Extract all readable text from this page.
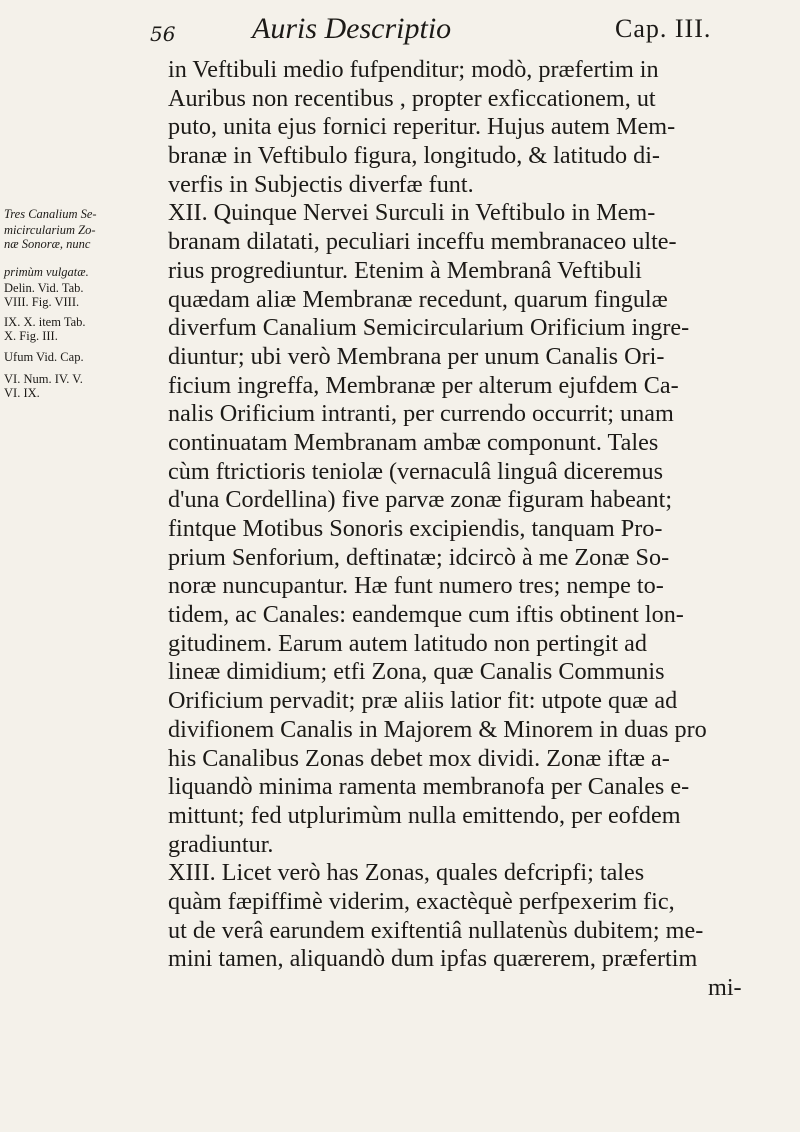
56	Auris Descriptio	Cap. III.
in Veftibuli medio fufpenditur; modò, præfertim in
Auribus non recentibus , propter exficcationem, ut
puto, unita ejus fornici reperitur. Hujus autem Mem-
branæ in Veftibulo figura, longitudo, & latitudo di-
verfis in Subjectis diverfæ funt.
XII. Quinque Nervei Surculi in Veftibulo in Mem-
branam dilatati, peculiari inceffu membranaceo ulte-
rius progrediuntur. Etenim à Membranâ Veftibuli
quædam aliæ Membranæ recedunt, quarum fingulæ
diverfum Canalium Semicircularium Orificium ingre-
diuntur; ubi verò Membrana per unum Canalis Ori-
ficium ingreffa, Membranæ per alterum ejufdem Ca-
nalis Orificium intranti, per currendo occurrit; unam
continuatam Membranam ambæ componunt. Tales
cùm ftrictioris teniolæ (vernaculâ linguâ diceremus
d'una Cordellina) five parvæ zonæ figuram habeant;
fintque Motibus Sonoris excipiendis, tanquam Pro-
prium Senforium, deftinatæ; idcircò à me Zonæ So-
noræ nuncupantur. Hæ funt numero tres; nempe to-
tidem, ac Canales: eandemque cum iftis obtinent lon-
gitudinem. Earum autem latitudo non pertingit ad
lineæ dimidium; etfi Zona, quæ Canalis Communis
Orificium pervadit; præ aliis latior fit: utpote quæ ad
divifionem Canalis in Majorem & Minorem in duas pro
his Canalibus Zonas debet mox dividi. Zonæ iftæ a-
liquandò minima ramenta membranofa per Canales e-
mittunt; fed utplurimùm nulla emittendo, per eofdem
gradiuntur.
XIII. Licet verò has Zonas, quales defcripfi; tales
quàm fæpiffimè viderim, exactèquè perfpexerim fic,
ut de verâ earundem exiftentiâ nullatenùs dubitem; me-
mini tamen, aliquandò dum ipfas quærerem, præfertim
mi-
Tres Canalium Se-
micircularium Zo-
næ Sonoræ, nunc
primùm vulgatæ.
Delin. Vid. Tab.
VIII. Fig. VIII.
IX. X. item Tab.
X. Fig. III.
Ufum Vid. Cap.
VI. Num. IV. V.
VI. IX.
